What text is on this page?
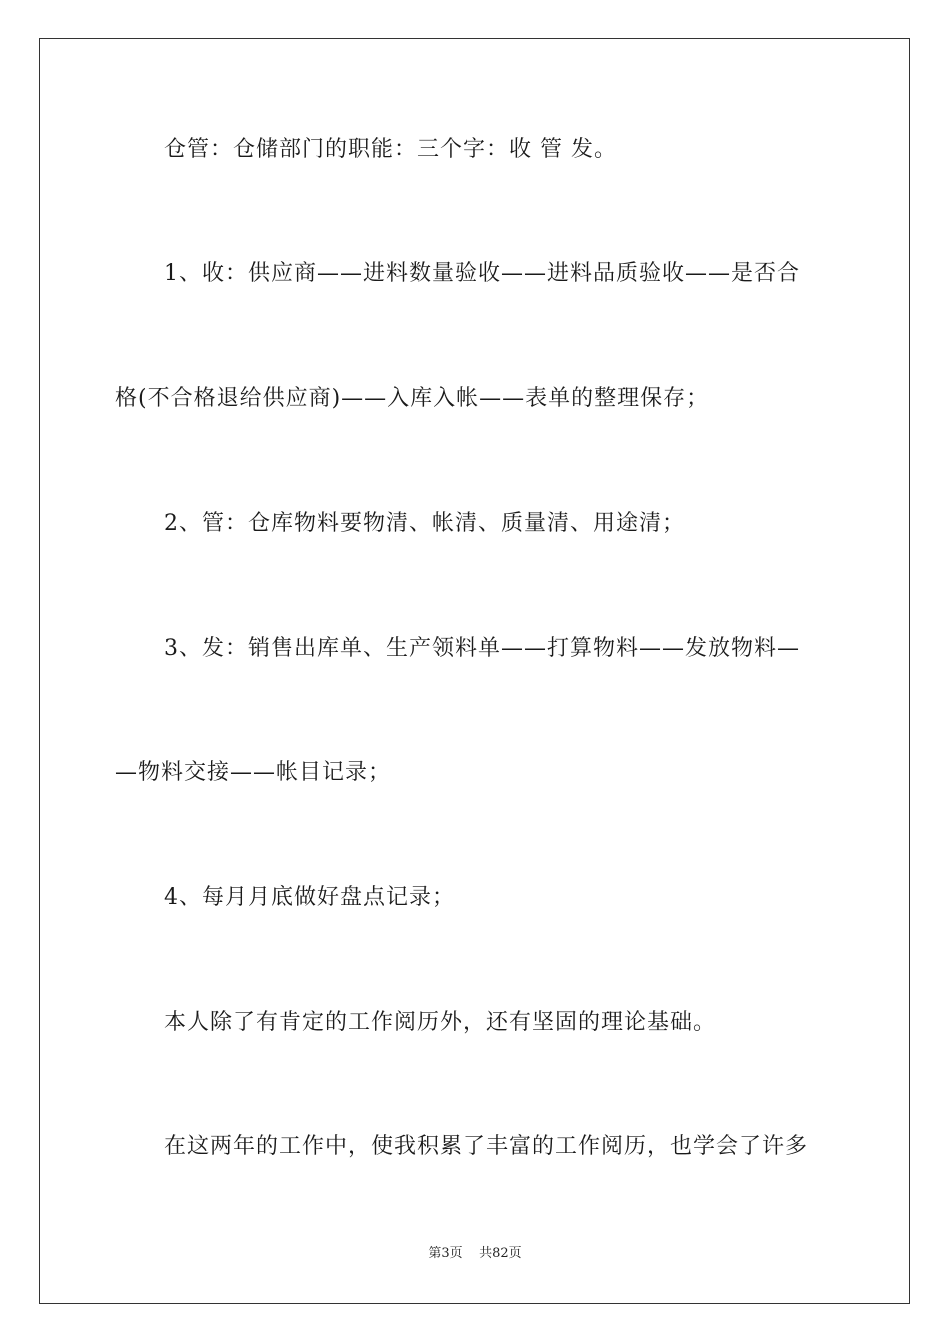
仓管：仓储部门的职能：三个字：收 管 发。
1、收：供应商——进料数量验收——进料品质验收——是否合
格(不合格退给供应商)——入库入帐——表单的整理保存；
2、管：仓库物料要物清、帐清、质量清、用途清；
3、发：销售出库单、生产领料单——打算物料——发放物料—
—物料交接——帐目记录；
4、每月月底做好盘点记录；
本人除了有肯定的工作阅历外，还有坚固的理论基础。
在这两年的工作中，使我积累了丰富的工作阅历，也学会了许多
第3页 共82页
